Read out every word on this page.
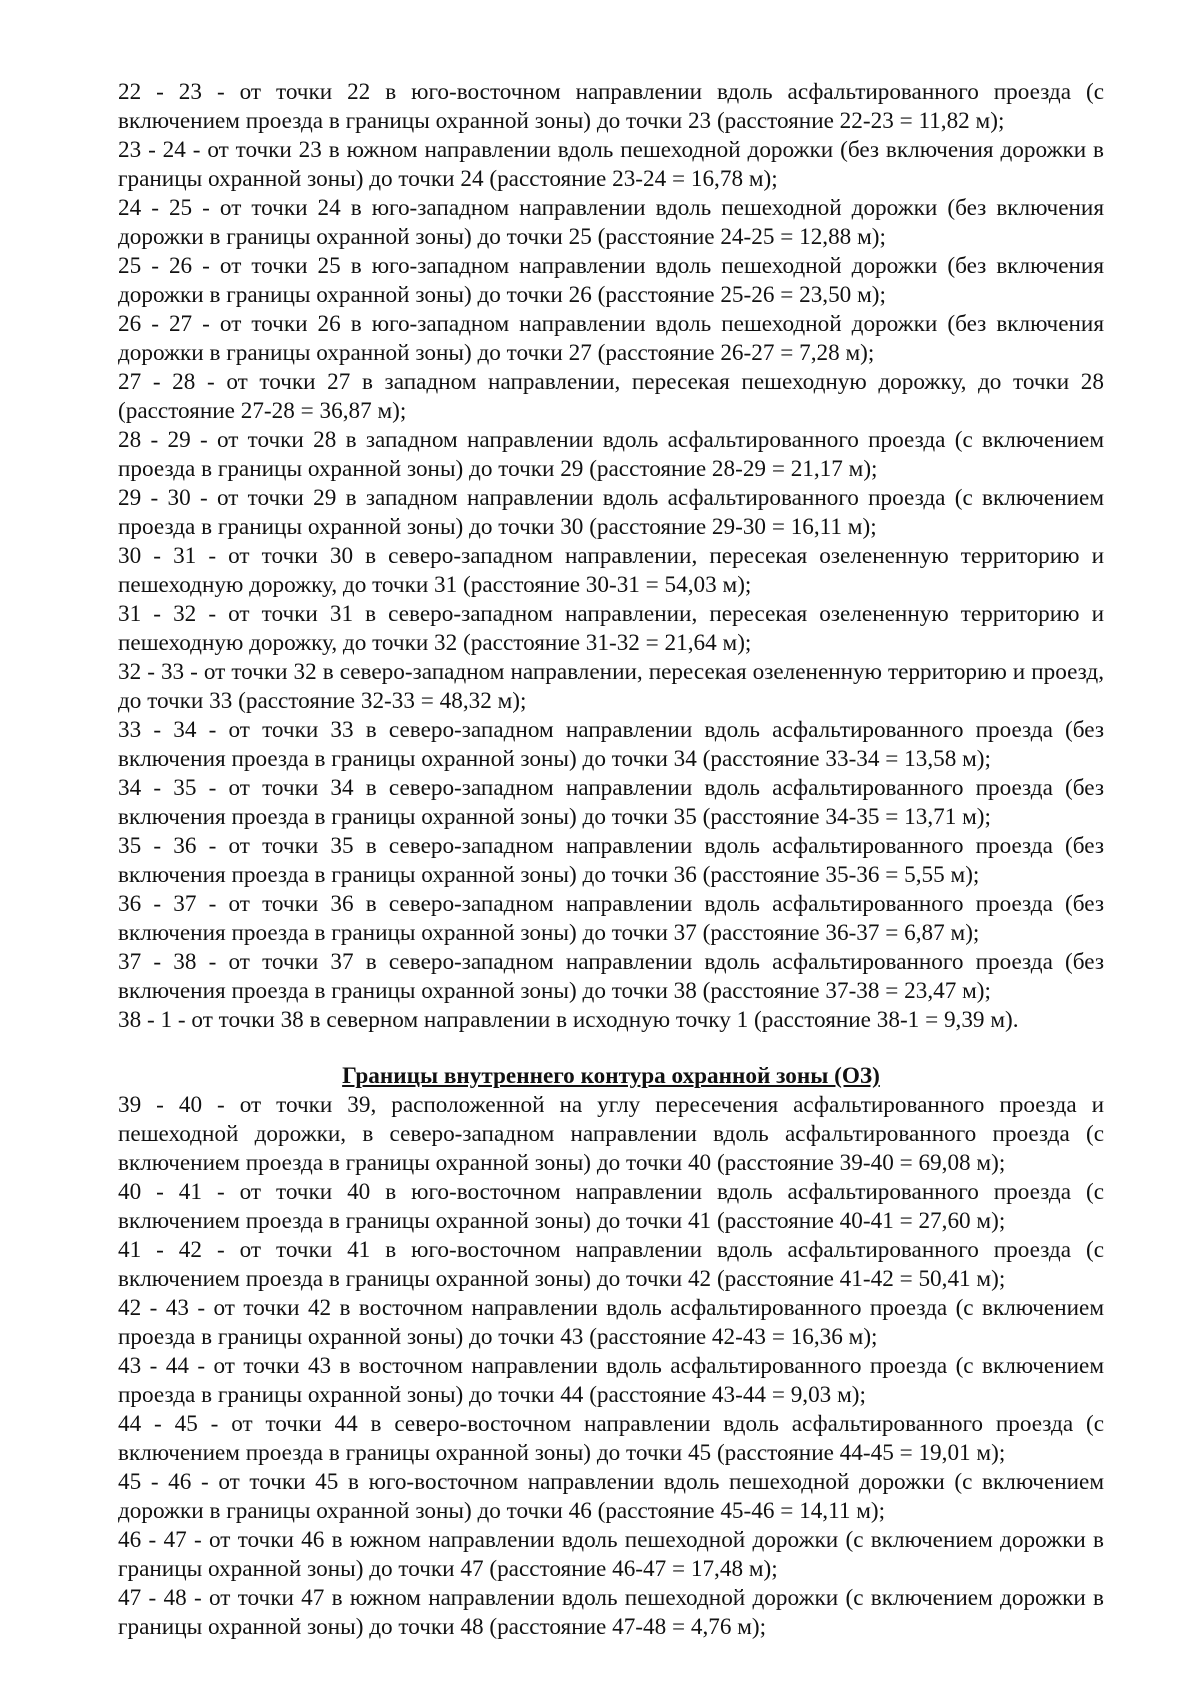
22 - 23 - от точки 22 в юго-восточном направлении вдоль асфальтированного проезда (с включением проезда в границы охранной зоны) до точки 23 (расстояние 22-23 = 11,82 м);

23 - 24 - от точки 23 в южном направлении вдоль пешеходной дорожки (без включения дорожки в границы охранной зоны) до точки 24 (расстояние 23-24 = 16,78 м);

24 - 25 - от точки 24 в юго-западном направлении вдоль пешеходной дорожки (без включения дорожки в границы охранной зоны) до точки 25 (расстояние 24-25 = 12,88 м);

25 - 26 - от точки 25 в юго-западном направлении вдоль пешеходной дорожки (без включения дорожки в границы охранной зоны) до точки 26 (расстояние 25-26 = 23,50 м);

26 - 27 - от точки 26 в юго-западном направлении вдоль пешеходной дорожки (без включения дорожки в границы охранной зоны) до точки 27 (расстояние 26-27 = 7,28 м);

27 - 28 - от точки 27 в западном направлении, пересекая пешеходную дорожку, до точки 28 (расстояние 27-28 = 36,87 м);

28 - 29 - от точки 28 в западном направлении вдоль асфальтированного проезда (с включением проезда в границы охранной зоны) до точки 29 (расстояние 28-29 = 21,17 м);

29 - 30 - от точки 29 в западном направлении вдоль асфальтированного проезда (с включением проезда в границы охранной зоны) до точки 30 (расстояние 29-30 = 16,11 м);

30 - 31 - от точки 30 в северо-западном направлении, пересекая озелененную территорию и пешеходную дорожку, до точки 31 (расстояние 30-31 = 54,03 м);

31 - 32 - от точки 31 в северо-западном направлении, пересекая озелененную территорию и пешеходную дорожку, до точки 32 (расстояние 31-32 = 21,64 м);

32 - 33 - от точки 32 в северо-западном направлении, пересекая озелененную территорию и проезд, до точки 33 (расстояние 32-33 = 48,32 м);

33 - 34 - от точки 33 в северо-западном направлении вдоль асфальтированного проезда (без включения проезда в границы охранной зоны) до точки 34 (расстояние 33-34 = 13,58 м);

34 - 35 - от точки 34 в северо-западном направлении вдоль асфальтированного проезда (без включения проезда в границы охранной зоны) до точки 35 (расстояние 34-35 = 13,71 м);

35 - 36 - от точки 35 в северо-западном направлении вдоль асфальтированного проезда (без включения проезда в границы охранной зоны) до точки 36 (расстояние 35-36 = 5,55 м);

36 - 37 - от точки 36 в северо-западном направлении вдоль асфальтированного проезда (без включения проезда в границы охранной зоны) до точки 37 (расстояние 36-37 = 6,87 м);

37 - 38 - от точки 37 в северо-западном направлении вдоль асфальтированного проезда (без включения проезда в границы охранной зоны) до точки 38 (расстояние 37-38 = 23,47 м);

38 - 1 - от точки 38 в северном направлении в исходную точку 1 (расстояние 38-1 = 9,39 м).

Границы внутреннего контура охранной зоны (ОЗ)

39 - 40 - от точки 39, расположенной на углу пересечения асфальтированного проезда и пешеходной дорожки, в северо-западном направлении вдоль асфальтированного проезда (с включением проезда в границы охранной зоны) до точки 40 (расстояние 39-40 = 69,08 м);

40 - 41 - от точки 40 в юго-восточном направлении вдоль асфальтированного проезда (с включением проезда в границы охранной зоны) до точки 41 (расстояние 40-41 = 27,60 м);

41 - 42 - от точки 41 в юго-восточном направлении вдоль асфальтированного проезда (с включением проезда в границы охранной зоны) до точки 42 (расстояние 41-42 = 50,41 м);

42 - 43 - от точки 42 в восточном направлении вдоль асфальтированного проезда (с включением проезда в границы охранной зоны) до точки 43 (расстояние 42-43 = 16,36 м);

43 - 44 - от точки 43 в восточном направлении вдоль асфальтированного проезда (с включением проезда в границы охранной зоны) до точки 44 (расстояние 43-44 = 9,03 м);

44 - 45 - от точки 44 в северо-восточном направлении вдоль асфальтированного проезда (с включением проезда в границы охранной зоны) до точки 45 (расстояние 44-45 = 19,01 м);

45 - 46 - от точки 45 в юго-восточном направлении вдоль пешеходной дорожки (с включением дорожки в границы охранной зоны) до точки 46 (расстояние 45-46 = 14,11 м);

46 - 47 - от точки 46 в южном направлении вдоль пешеходной дорожки (с включением дорожки в границы охранной зоны) до точки 47 (расстояние 46-47 = 17,48 м);

47 - 48 - от точки 47 в южном направлении вдоль пешеходной дорожки (с включением дорожки в границы охранной зоны) до точки 48 (расстояние 47-48 = 4,76 м);
